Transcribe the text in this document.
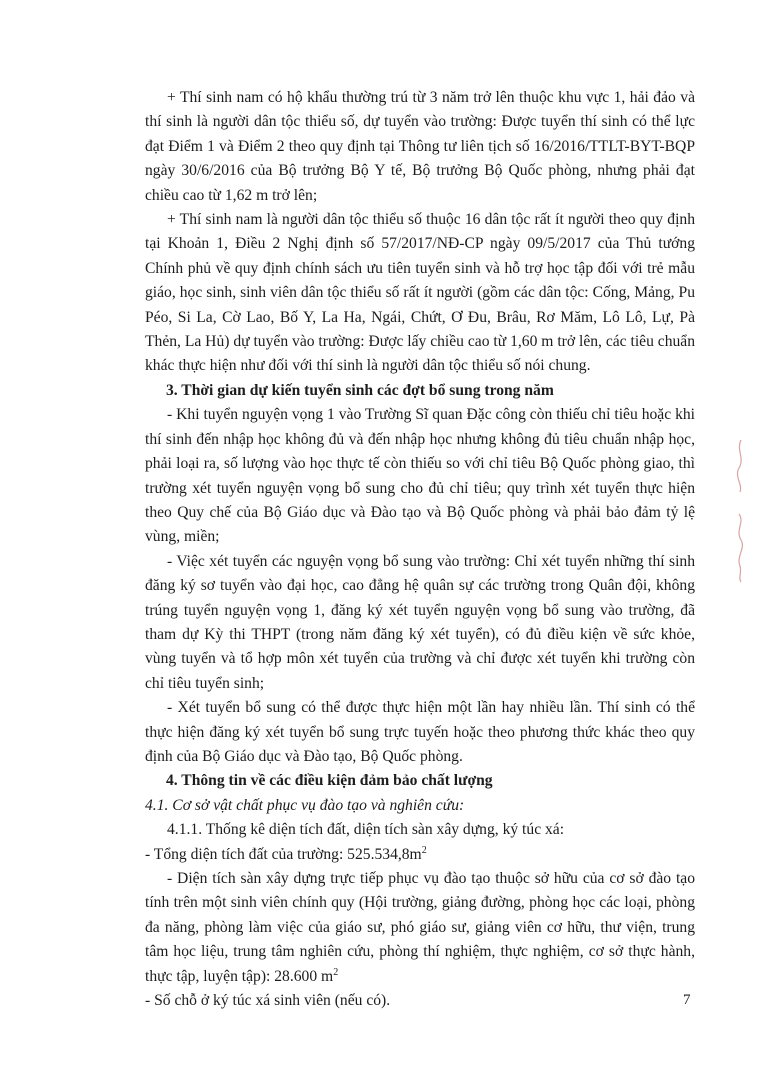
+ Thí sinh nam có hộ khẩu thường trú từ 3 năm trở lên thuộc khu vực 1, hải đảo và thí sinh là người dân tộc thiểu số, dự tuyển vào trường: Được tuyển thí sinh có thể lực đạt Điểm 1 và Điểm 2 theo quy định tại Thông tư liên tịch số 16/2016/TTLT-BYT-BQP ngày 30/6/2016 của Bộ trưởng Bộ Y tế, Bộ trưởng Bộ Quốc phòng, nhưng phải đạt chiều cao từ 1,62 m trở lên;

+ Thí sinh nam là người dân tộc thiểu số thuộc 16 dân tộc rất ít người theo quy định tại Khoản 1, Điều 2 Nghị định số 57/2017/NĐ-CP ngày 09/5/2017 của Thủ tướng Chính phủ về quy định chính sách ưu tiên tuyển sinh và hỗ trợ học tập đối với trẻ mẫu giáo, học sinh, sinh viên dân tộc thiểu số rất ít người (gồm các dân tộc: Cống, Mảng, Pu Péo, Si La, Cờ Lao, Bố Y, La Ha, Ngái, Chứt, Ơ Đu, Brâu, Rơ Măm, Lô Lô, Lự, Pà Thẻn, La Hủ) dự tuyển vào trường: Được lấy chiều cao từ 1,60 m trở lên, các tiêu chuẩn khác thực hiện như đối với thí sinh là người dân tộc thiểu số nói chung.

3. Thời gian dự kiến tuyển sinh các đợt bổ sung trong năm

- Khi tuyển nguyện vọng 1 vào Trường Sĩ quan Đặc công còn thiếu chỉ tiêu hoặc khi thí sinh đến nhập học không đủ và đến nhập học nhưng không đủ tiêu chuẩn nhập học, phải loại ra, số lượng vào học thực tế còn thiếu so với chỉ tiêu Bộ Quốc phòng giao, thì trường xét tuyển nguyện vọng bổ sung cho đủ chỉ tiêu; quy trình xét tuyển thực hiện theo Quy chế của Bộ Giáo dục và Đào tạo và Bộ Quốc phòng và phải bảo đảm tỷ lệ vùng, miền;

- Việc xét tuyển các nguyện vọng bổ sung vào trường: Chỉ xét tuyển những thí sinh đăng ký sơ tuyển vào đại học, cao đẳng hệ quân sự các trường trong Quân đội, không trúng tuyển nguyện vọng 1, đăng ký xét tuyển nguyện vọng bổ sung vào trường, đã tham dự Kỳ thi THPT (trong năm đăng ký xét tuyển), có đủ điều kiện về sức khỏe, vùng tuyển và tổ hợp môn xét tuyển của trường và chỉ được xét tuyển khi trường còn chỉ tiêu tuyển sinh;

- Xét tuyển bổ sung có thể được thực hiện một lần hay nhiều lần. Thí sinh có thể thực hiện đăng ký xét tuyển bổ sung trực tuyến hoặc theo phương thức khác theo quy định của Bộ Giáo dục và Đào tạo, Bộ Quốc phòng.

4. Thông tin về các điều kiện đảm bảo chất lượng

4.1. Cơ sở vật chất phục vụ đào tạo và nghiên cứu:

4.1.1. Thống kê diện tích đất, diện tích sàn xây dựng, ký túc xá:

- Tổng diện tích đất của trường: $525.534,8m^2$

- Diện tích sàn xây dựng trực tiếp phục vụ đào tạo thuộc sở hữu của cơ sở đào tạo tính trên một sinh viên chính quy (Hội trường, giảng đường, phòng học các loại, phòng đa năng, phòng làm việc của giáo sư, phó giáo sư, giảng viên cơ hữu, thư viện, trung tâm học liệu, trung tâm nghiên cứu, phòng thí nghiệm, thực nghiệm, cơ sở thực hành, thực tập, luyện tập): 28.600 $m^2$

- Số chỗ ở ký túc xá sinh viên (nếu có).	7
